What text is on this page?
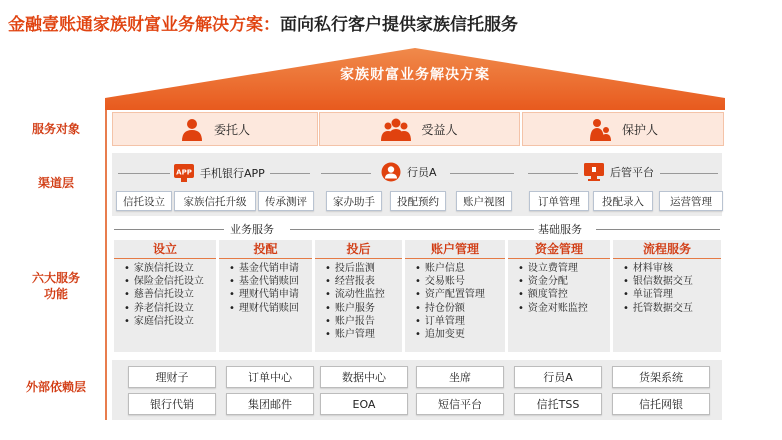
金融壹账通家族财富业务解决方案：面向私行客户提供家族信托服务
家族财富业务解决方案
服务对象
渠道层
六大服务
功能
外部依赖层
委托人	受益人	保护人
APP 手机银行APP
信托设立	家族信托升级	传承测评
行员A
家办助手	投配预约	账户视图
后管平台
订单管理	投配录入	运营管理
业务服务	基础服务
设立
• 家族信托设立
• 保险金信托设立
• 慈善信托设立
• 养老信托设立
• 家庭信托设立
投配
• 基金代销申请
• 基金代销赎回
• 理财代销申请
• 理财代销赎回
投后
• 投后监测
• 经营报表
• 流动性监控
• 账户服务
• 账户报告
• 账户管理
账户管理
• 账户信息
• 交易账号
• 资产配置管理
• 持仓份额
• 订单管理
• 追加变更
资金管理
• 设立费管理
• 资金分配
• 额度管控
• 资金对账监控
流程服务
• 材料审核
• 银信数据交互
• 单证管理
• 托管数据交互
理财子	订单中心	数据中心	坐席	行员A	货架系统
银行代销	集团邮件	EOA	短信平台	信托TSS	信托网银
